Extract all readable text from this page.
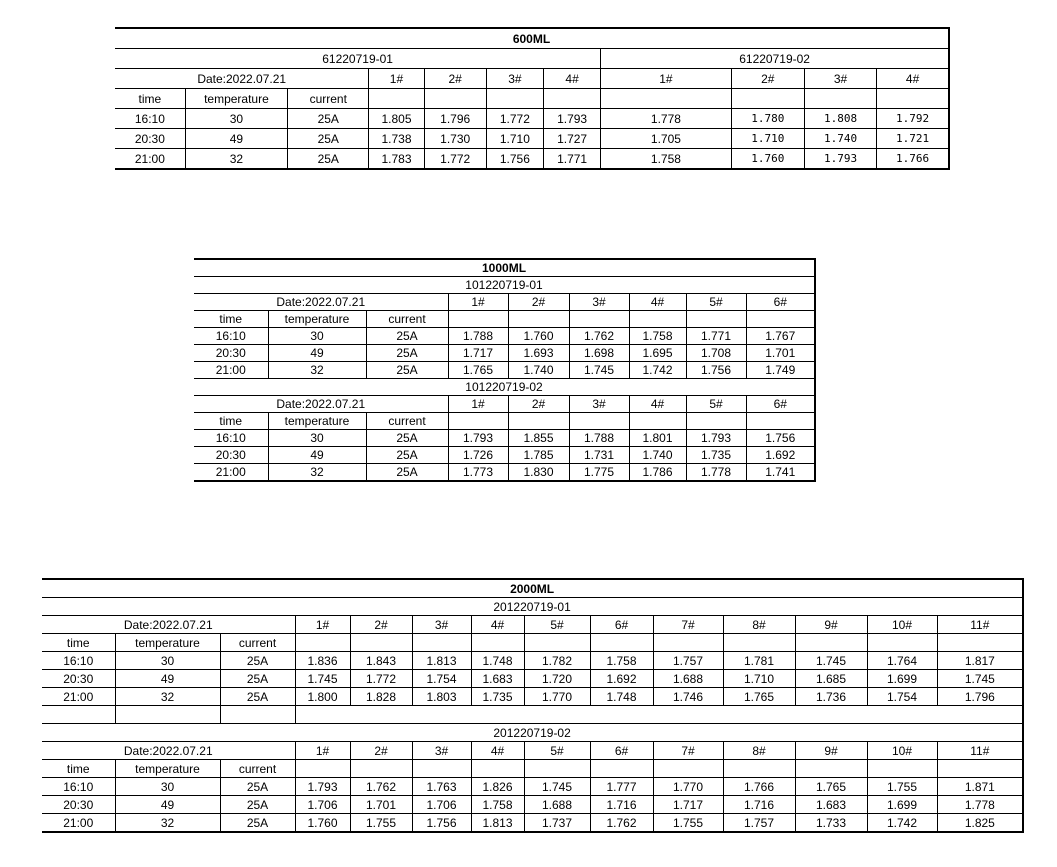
600ML										
61220719-01							61220719-02			
Date:2022.07.21			1#	2#	3#	4#	1#	2#	3#	4#
time	temperature	current								
16:10	30	25A	1.805	1.796	1.772	1.793	1.778	1.780	1.808	1.792
20:30	49	25A	1.738	1.730	1.710	1.727	1.705	1.710	1.740	1.721
21:00	32	25A	1.783	1.772	1.756	1.771	1.758	1.760	1.793	1.766
1000ML								
101220719-01								
Date:2022.07.21			1#	2#	3#	4#	5#	6#
time	temperature	current						
16:10	30	25A	1.788	1.760	1.762	1.758	1.771	1.767
20:30	49	25A	1.717	1.693	1.698	1.695	1.708	1.701
21:00	32	25A	1.765	1.740	1.745	1.742	1.756	1.749
101220719-02								
Date:2022.07.21			1#	2#	3#	4#	5#	6#
time	temperature	current						
16:10	30	25A	1.793	1.855	1.788	1.801	1.793	1.756
20:30	49	25A	1.726	1.785	1.731	1.740	1.735	1.692
21:00	32	25A	1.773	1.830	1.775	1.786	1.778	1.741
2000ML													
201220719-01													
Date:2022.07.21			1#	2#	3#	4#	5#	6#	7#	8#	9#	10#	11#
time	temperature	current											
16:10	30	25A	1.836	1.843	1.813	1.748	1.782	1.758	1.757	1.781	1.745	1.764	1.817
20:30	49	25A	1.745	1.772	1.754	1.683	1.720	1.692	1.688	1.710	1.685	1.699	1.745
21:00	32	25A	1.800	1.828	1.803	1.735	1.770	1.748	1.746	1.765	1.736	1.754	1.796

201220719-02													
Date:2022.07.21			1#	2#	3#	4#	5#	6#	7#	8#	9#	10#	11#
time	temperature	current											
16:10	30	25A	1.793	1.762	1.763	1.826	1.745	1.777	1.770	1.766	1.765	1.755	1.871
20:30	49	25A	1.706	1.701	1.706	1.758	1.688	1.716	1.717	1.716	1.683	1.699	1.778
21:00	32	25A	1.760	1.755	1.756	1.813	1.737	1.762	1.755	1.757	1.733	1.742	1.825
